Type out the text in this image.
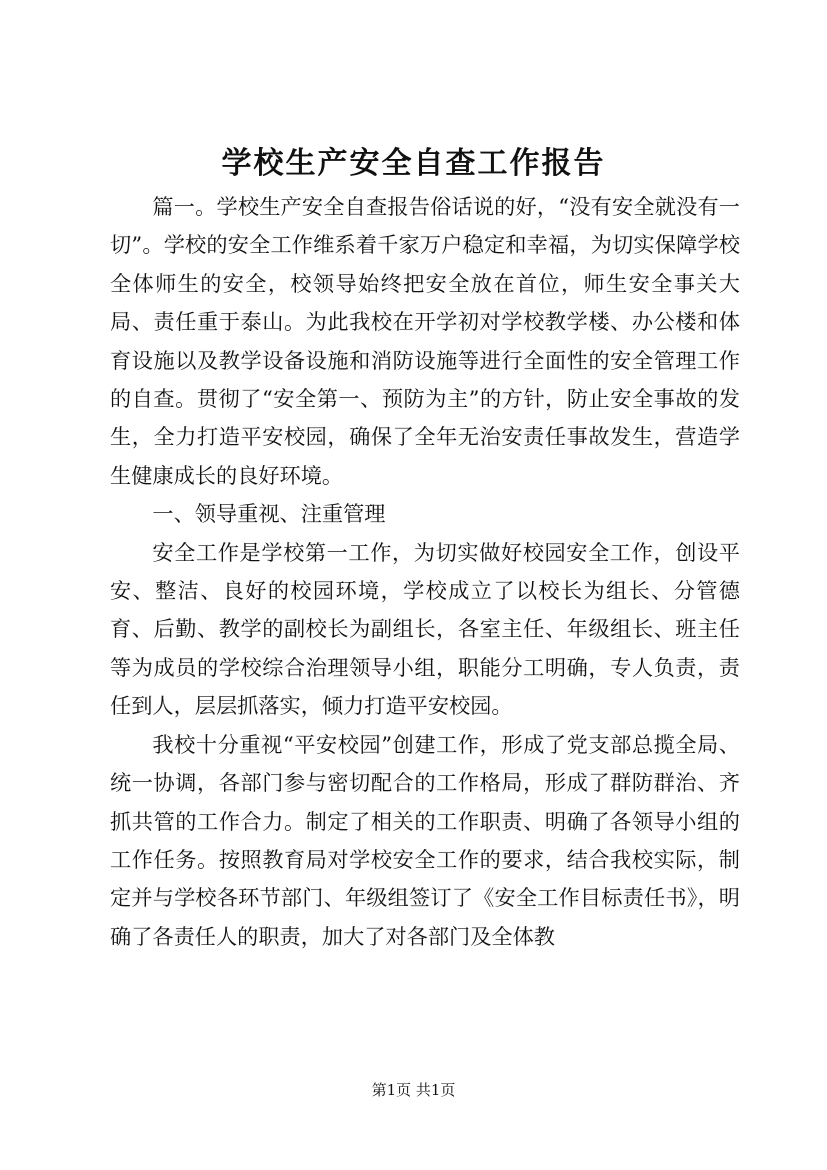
学校生产安全自查工作报告

篇一。学校生产安全自查报告俗话说的好，“没有安全就没有一切”。学校的安全工作维系着千家万户稳定和幸福，为切实保障学校全体师生的安全，校领导始终把安全放在首位，师生安全事关大局、责任重于泰山。为此我校在开学初对学校教学楼、办公楼和体育设施以及教学设备设施和消防设施等进行全面性的安全管理工作的自查。贯彻了“安全第一、预防为主”的方针，防止安全事故的发生，全力打造平安校园，确保了全年无治安责任事故发生，营造学生健康成长的良好环境。

一、领导重视、注重管理

安全工作是学校第一工作，为切实做好校园安全工作，创设平安、整洁、良好的校园环境，学校成立了以校长为组长、分管德育、后勤、教学的副校长为副组长，各室主任、年级组长、班主任等为成员的学校综合治理领导小组，职能分工明确，专人负责，责任到人，层层抓落实，倾力打造平安校园。

我校十分重视“平安校园”创建工作，形成了党支部总揽全局、统一协调，各部门参与密切配合的工作格局，形成了群防群治、齐抓共管的工作合力。制定了相关的工作职责、明确了各领导小组的工作任务。按照教育局对学校安全工作的要求，结合我校实际，制定并与学校各环节部门、年级组签订了《安全工作目标责任书》，明确了各责任人的职责，加大了对各部门及全体教

第1页 共1页
